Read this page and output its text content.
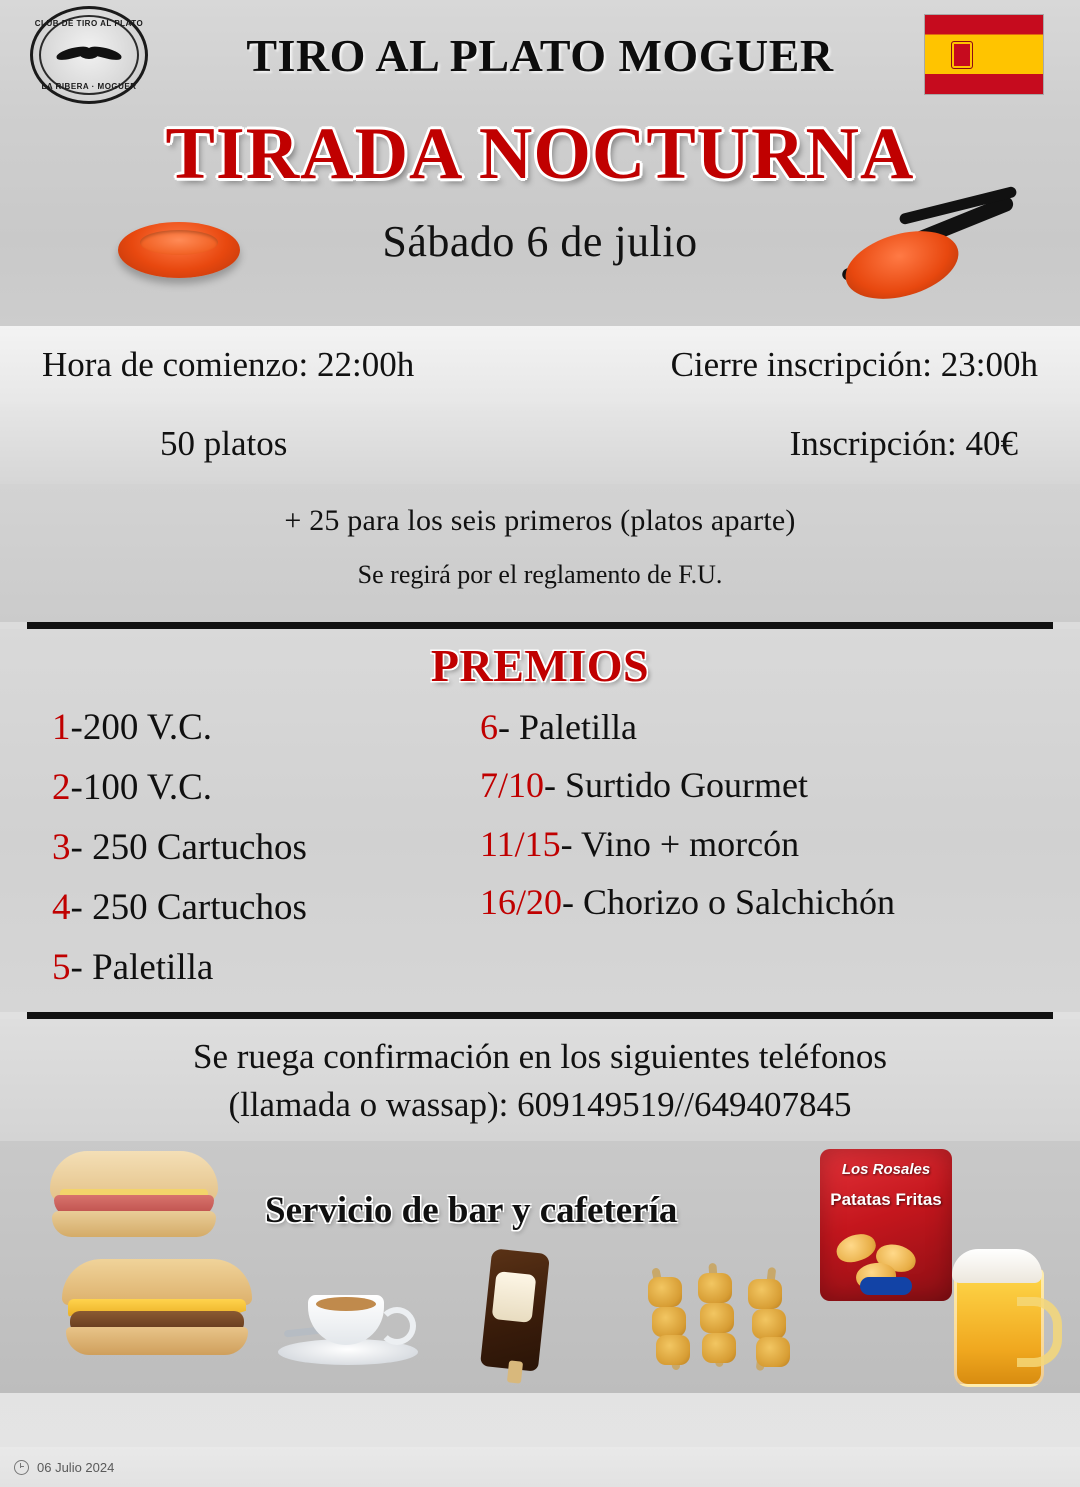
CLUB DE TIRO AL PLATO
LA RIBERA · MOGUER
TIRO AL PLATO MOGUER
TIRADA NOCTURNA
Sábado 6 de julio
Hora de comienzo: 22:00h	Cierre inscripción: 23:00h
50 platos	Inscripción: 40€
+ 25 para los seis primeros (platos aparte)
Se regirá por el reglamento de F.U.
PREMIOS
1-200 V.C.
2-100 V.C.
3- 250 Cartuchos
4- 250 Cartuchos
5- Paletilla
6- Paletilla
7/10- Surtido Gourmet
11/15- Vino + morcón
16/20- Chorizo o Salchichón
Se ruega confirmación en los siguientes teléfonos
(llamada o wassap): 609149519//649407845
Los Rosales
Patatas Fritas
Servicio de bar y cafetería
06 Julio 2024
